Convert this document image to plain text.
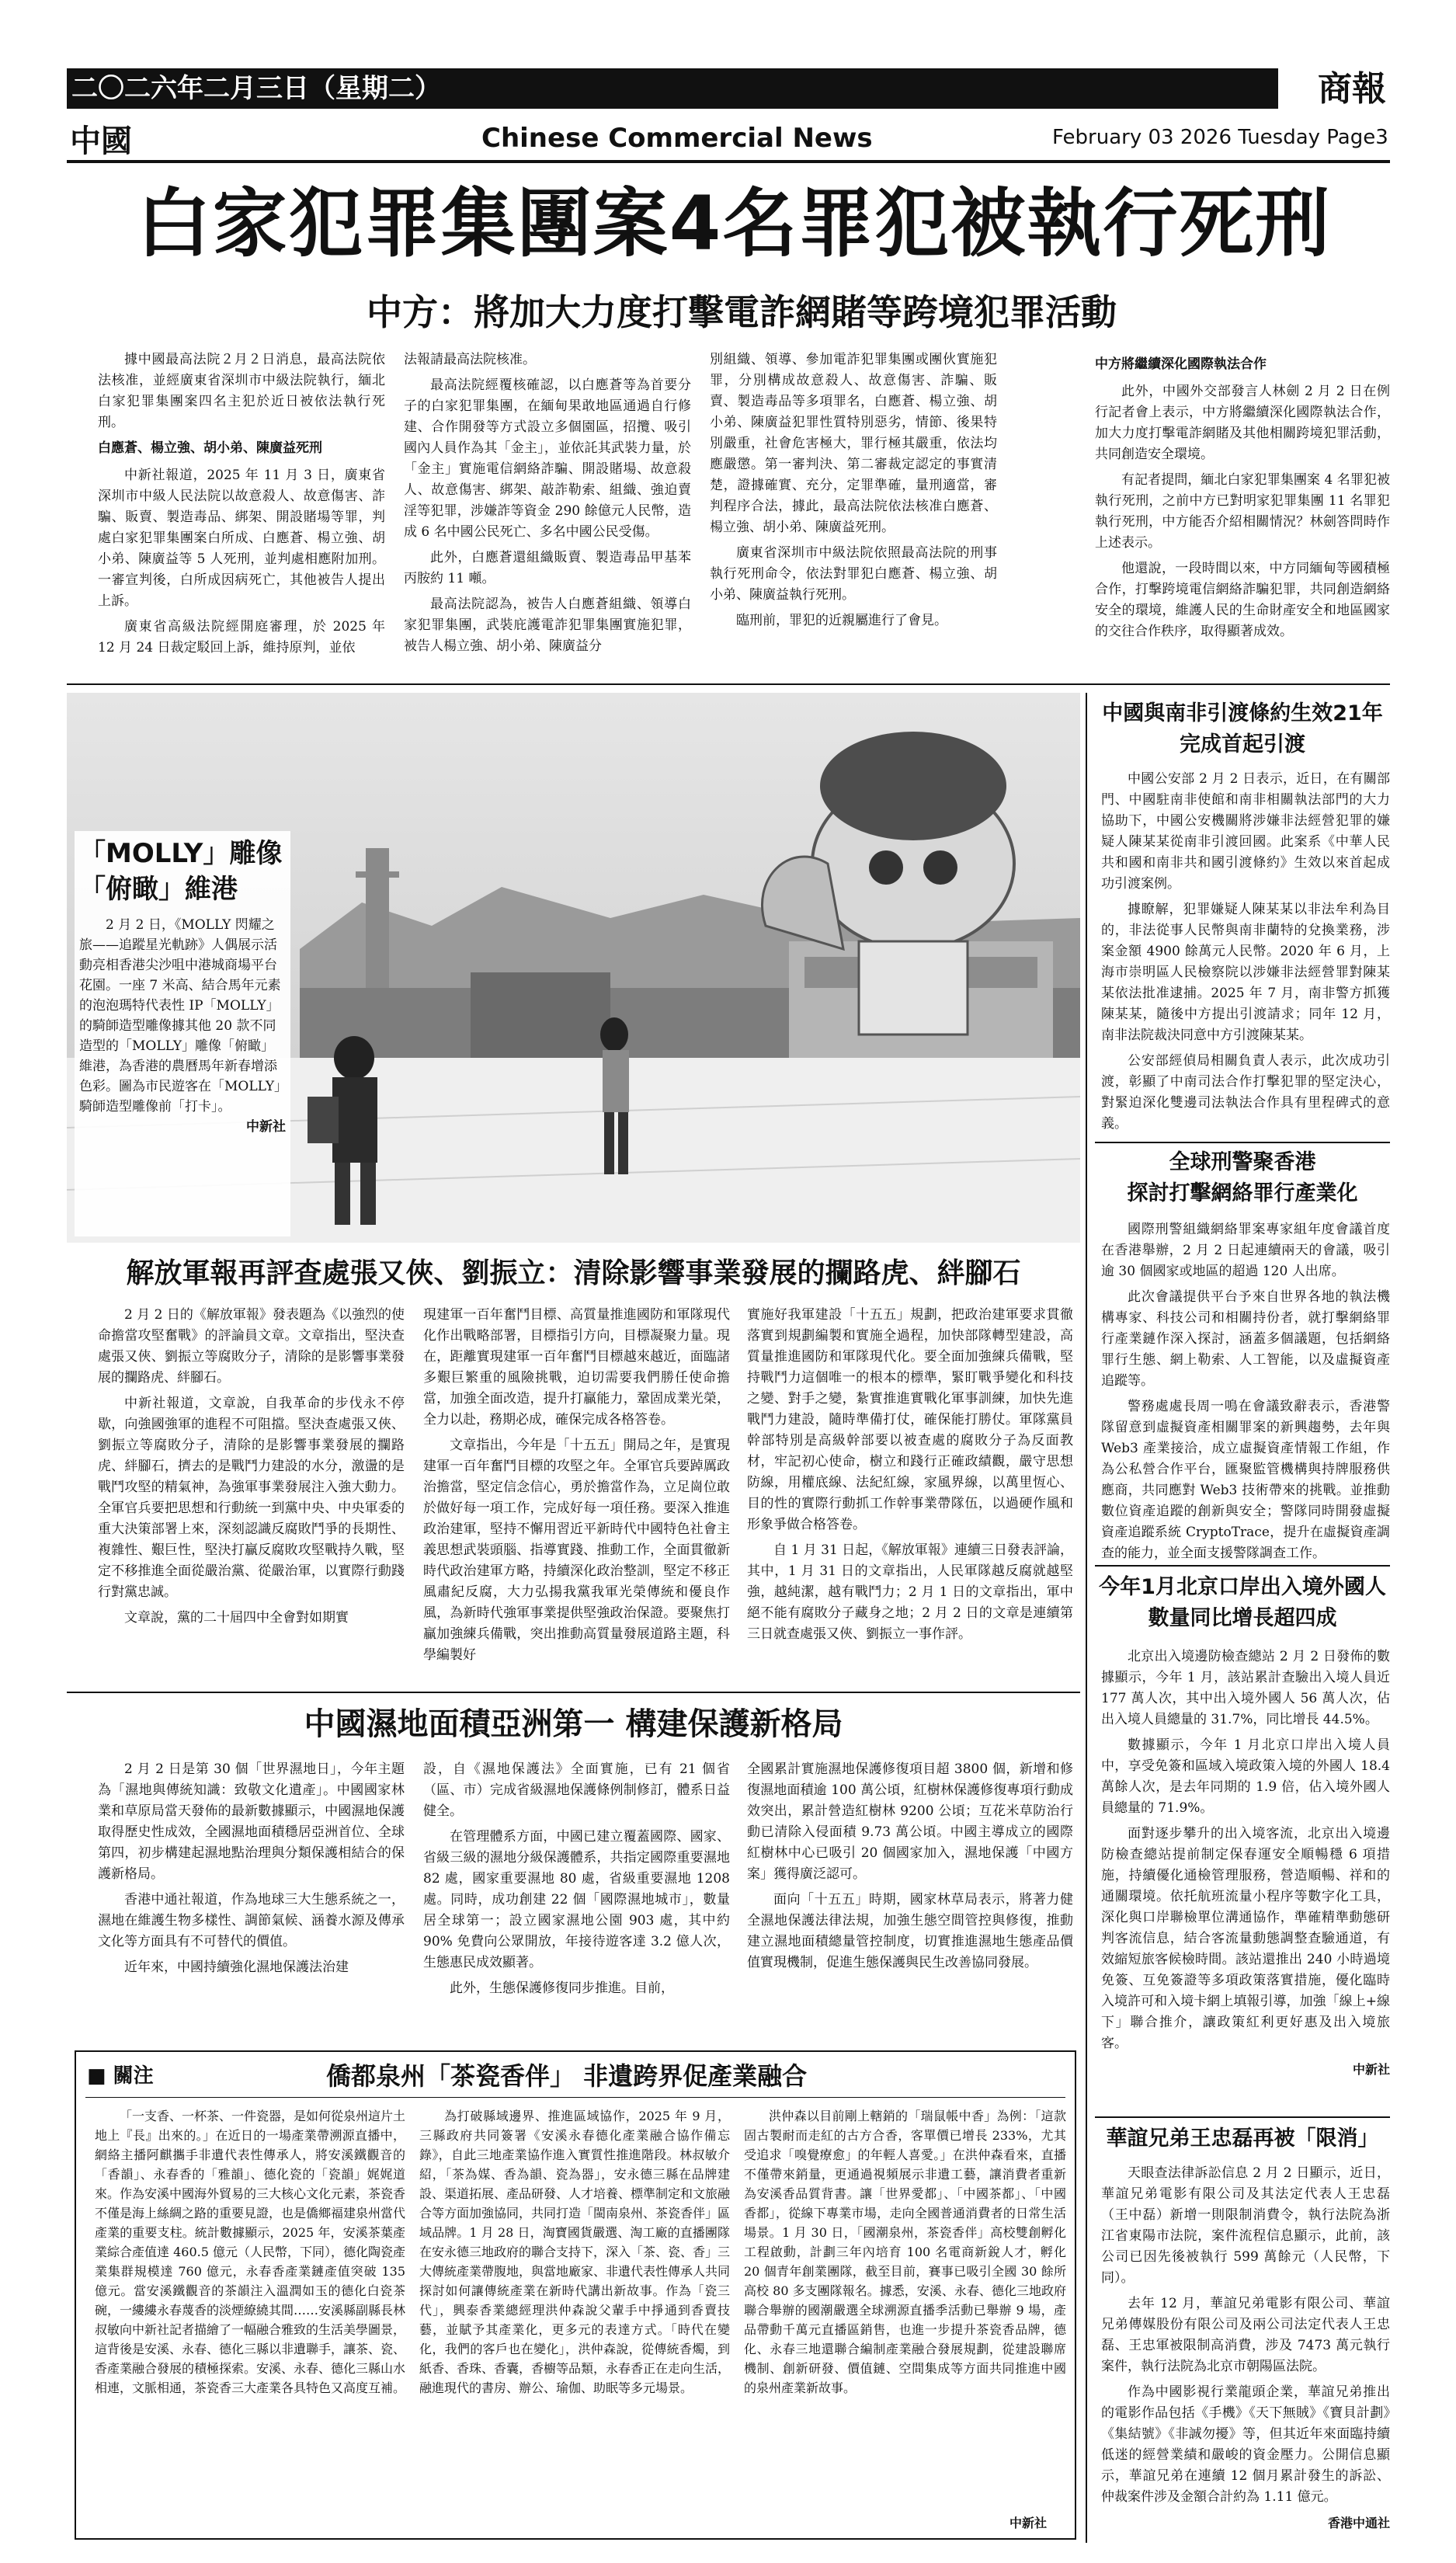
二〇二六年二月三日（星期二）	商報
中國	Chinese Commercial News	February 03 2026 Tuesday Page3
白家犯罪集團案4名罪犯被執行死刑
中方：將加大力度打擊電詐網賭等跨境犯罪活動

據中國最高法院２月２日消息，最高法院依法核准，並經廣東省深圳市中級法院執行，緬北白家犯罪集團案四名主犯於近日被依法執行死刑。

白應蒼、楊立強、胡小弟、陳廣益死刑

中新社報道，2025 年 11 月 3 日，廣東省深圳市中級人民法院以故意殺人、故意傷害、詐騙、販賣、製造毒品、綁架、開設賭場等罪，判處白家犯罪集團案白所成、白應蒼、楊立強、胡小弟、陳廣益等 5 人死刑，並判處相應附加刑。一審宣判後，白所成因病死亡，其他被告人提出上訴。

廣東省高級法院經開庭審理，於 2025 年 12 月 24 日裁定駁回上訴，維持原判，並依

法報請最高法院核准。

最高法院經覆核確認，以白應蒼等為首要分子的白家犯罪集團，在緬甸果敢地區通過自行修建、合作開發等方式設立多個園區，招攬、吸引國內人員作為其「金主」，並依託其武裝力量，於「金主」實施電信網絡詐騙、開設賭場、故意殺人、故意傷害、綁架、敲詐勒索、組織、強迫賣淫等犯罪，涉嫌詐等資金 290 餘億元人民幣，造成 6 名中國公民死亡、多名中國公民受傷。

此外，白應蒼還組織販賣、製造毒品甲基苯丙胺約 11 噸。

最高法院認為，被告人白應蒼組織、領導白家犯罪集團，武裝庇護電詐犯罪集團實施犯罪，被告人楊立強、胡小弟、陳廣益分

別組織、領導、參加電詐犯罪集團或團伙實施犯罪，分別構成故意殺人、故意傷害、詐騙、販賣、製造毒品等多項罪名，白應蒼、楊立強、胡小弟、陳廣益犯罪性質特別惡劣，情節、後果特別嚴重，社會危害極大，罪行極其嚴重，依法均應嚴懲。第一審判決、第二審裁定認定的事實清楚，證據確實、充分，定罪準確，量刑適當，審判程序合法，據此，最高法院依法核准白應蒼、楊立強、胡小弟、陳廣益死刑。

廣東省深圳市中級法院依照最高法院的刑事執行死刑命令，依法對罪犯白應蒼、楊立強、胡小弟、陳廣益執行死刑。

臨刑前，罪犯的近親屬進行了會見。

中方將繼續深化國際執法合作

此外，中國外交部發言人林劍 2 月 2 日在例行記者會上表示，中方將繼續深化國際執法合作，加大力度打擊電詐網賭及其他相關跨境犯罪活動，共同創造安全環境。

有記者提問，緬北白家犯罪集團案 4 名罪犯被執行死刑，之前中方已對明家犯罪集團 11 名罪犯執行死刑，中方能否介紹相關情況？林劍答問時作上述表示。

他還說，一段時間以來，中方同緬甸等國積極合作，打擊跨境電信網絡詐騙犯罪，共同創造網絡安全的環境，維護人民的生命財產安全和地區國家的交往合作秩序，取得顯著成效。

「MOLLY」雕像
「俯瞰」維港
2 月 2 日，《MOLLY 閃耀之旅——追蹤星光軌跡》人偶展示活動亮相香港尖沙咀中港城商場平台花園。一座 7 米高、結合馬年元素的泡泡瑪特代表性 IP「MOLLY」的騎師造型雕像據其他 20 款不同造型的「MOLLY」雕像「俯瞰」維港，為香港的農曆馬年新春增添色彩。圖為市民遊客在「MOLLY」騎師造型雕像前「打卡」。
中新社
中國與南非引渡條約生效21年
完成首起引渡

中國公安部 2 月 2 日表示，近日，在有關部門、中國駐南非使館和南非相關執法部門的大力協助下，中國公安機關將涉嫌非法經營犯罪的嫌疑人陳某某從南非引渡回國。此案系《中華人民共和國和南非共和國引渡條約》生效以來首起成功引渡案例。

據瞭解，犯罪嫌疑人陳某某以非法牟利為目的，非法從事人民幣與南非蘭特的兌換業務，涉案金額 4900 餘萬元人民幣。2020 年 6 月，上海市崇明區人民檢察院以涉嫌非法經營罪對陳某某依法批准逮捕。2025 年 7 月，南非警方抓獲陳某某，隨後中方提出引渡請求；同年 12 月，南非法院裁決同意中方引渡陳某某。

公安部經偵局相關負責人表示，此次成功引渡，彰顯了中南司法合作打擊犯罪的堅定決心，對緊迫深化雙邊司法執法合作具有里程碑式的意義。

全球刑警聚香港
探討打擊網絡罪行產業化

國際刑警組織網絡罪案專家組年度會議首度在香港舉辦，2 月 2 日起連續兩天的會議，吸引逾 30 個國家或地區的超過 120 人出席。

此次會議提供平台予來自世界各地的執法機構專家、科技公司和相關持份者，就打擊網絡罪行產業鏈作深入探討，涵蓋多個議題，包括網絡罪行生態、網上勒索、人工智能，以及虛擬資產追蹤等。

警務處處長周一鳴在會議致辭表示，香港警隊留意到虛擬資產相關罪案的新興趨勢，去年與 Web3 產業接洽，成立虛擬資產情報工作組，作為公私營合作平台，匯聚監管機構與持牌服務供應商，共同應對 Web3 技術帶來的挑戰。並推動數位資產追蹤的創新與安全；警隊同時開發虛擬資產追蹤系統 CryptoTrace，提升在虛擬資產調查的能力，並全面支援警隊調查工作。

今年1月北京口岸出入境外國人
數量同比增長超四成

北京出入境邊防檢查總站 2 月 2 日發佈的數據顯示，今年 1 月，該站累計查驗出入境人員近 177 萬人次，其中出入境外國人 56 萬人次，佔出入境人員總量的 31.7%，同比增長 44.5%。

數據顯示，今年 1 月北京口岸出入境人員中，享受免簽和區域入境政策入境的外國人 18.4 萬餘人次，是去年同期的 1.9 倍，佔入境外國人員總量的 71.9%。

面對逐步攀升的出入境客流，北京出入境邊防檢查總站提前制定保春運安全順暢穩 6 項措施，持續優化通檢管理服務，營造順暢、祥和的通關環境。依托航班流量小程序等數字化工具，深化與口岸聯檢單位溝通協作，準確精準動態研判客流信息，結合客流量動態調整查驗通道，有效縮短旅客候檢時間。該站還推出 240 小時過境免簽、互免簽證等多項政策落實措施，優化臨時入境許可和入境卡網上填報引導，加強「線上+線下」聯合推介，讓政策紅利更好惠及出入境旅客。

中新社
華誼兄弟王忠磊再被「限消」

天眼查法律訴訟信息 2 月 2 日顯示，近日，華誼兄弟電影有限公司及其法定代表人王忠磊（王中磊）新增一則限制消費令，執行法院為浙江省東陽市法院，案件流程信息顯示，此前，該公司已因先後被執行 599 萬餘元（人民幣，下同）。

去年 12 月，華誼兄弟電影有限公司、華誼兄弟傳媒股份有限公司及兩公司法定代表人王忠磊、王忠軍被限制高消費，涉及 7473 萬元執行案件，執行法院為北京市朝陽區法院。

作為中國影視行業龍頭企業，華誼兄弟推出的電影作品包括《手機》《天下無賊》《寶貝計劃》《集結號》《非誠勿擾》等，但其近年來面臨持續低迷的經營業績和嚴峻的資金壓力。公開信息顯示，華誼兄弟在連續 12 個月累計發生的訴訟、仲裁案件涉及金額合計約為 1.11 億元。

香港中通社
解放軍報再評查處張又俠、劉振立：清除影響事業發展的攔路虎、絆腳石

2 月 2 日的《解放軍報》發表題為《以強烈的使命擔當攻堅奮戰》的評論員文章。文章指出，堅決查處張又俠、劉振立等腐敗分子，清除的是影響事業發展的攔路虎、絆腳石。

中新社報道，文章說，自我革命的步伐永不停歇，向強國強軍的進程不可阻擋。堅決查處張又俠、劉振立等腐敗分子，清除的是影響事業發展的攔路虎、絆腳石，擠去的是戰鬥力建設的水分，激盪的是戰鬥攻堅的精氣神，為強軍事業發展注入強大動力。全軍官兵要把思想和行動統一到黨中央、中央軍委的重大決策部署上來，深刻認識反腐敗鬥爭的長期性、複雜性、艱巨性，堅決打贏反腐敗攻堅戰持久戰，堅定不移推進全面從嚴治黨、從嚴治軍，以實際行動踐行對黨忠誠。

文章說，黨的二十屆四中全會對如期實

現建軍一百年奮鬥目標、高質量推進國防和軍隊現代化作出戰略部署，目標指引方向，目標凝聚力量。現在，距離實現建軍一百年奮鬥目標越來越近，面臨諸多艱巨繁重的風險挑戰，迫切需要我們勝任使命擔當，加強全面改造，提升打贏能力，鞏固成業光榮，全力以赴，務期必成，確保完成各格答卷。

文章指出，今年是「十五五」開局之年，是實現建軍一百年奮鬥目標的攻堅之年。全軍官兵要踔厲政治擔當，堅定信念信心，勇於擔當作為，立足崗位敢於做好每一項工作，完成好每一項任務。要深入推進政治建軍，堅持不懈用習近平新時代中國特色社會主義思想武裝頭腦、指導實踐、推動工作，全面貫徹新時代政治建軍方略，持續深化政治整訓，堅定不移正風肅紀反腐，大力弘揚我黨我軍光榮傳統和優良作風，為新時代強軍事業提供堅強政治保證。要聚焦打贏加強練兵備戰，突出推動高質量發展道路主題，科學編製好

實施好我軍建設「十五五」規劃，把政治建軍要求貫徹落實到規劃編製和實施全過程，加快部隊轉型建設，高質量推進國防和軍隊現代化。要全面加強練兵備戰，堅持戰鬥力這個唯一的根本的標準，緊盯戰爭變化和科技之變、對手之變，紮實推進實戰化軍事訓練，加快先進戰鬥力建設，隨時準備打仗，確保能打勝仗。軍隊黨員幹部特別是高級幹部要以被查處的腐敗分子為反面教材，牢記初心使命，樹立和踐行正確政績觀，嚴守思想防線，用權底線、法紀紅線，家風界線，以萬里恆心、目的性的實際行動抓工作幹事業帶隊伍，以過硬作風和形象爭做合格答卷。

自 1 月 31 日起，《解放軍報》連續三日發表評論，其中，1 月 31 日的文章指出，人民軍隊越反腐就越堅強，越純潔，越有戰鬥力；2 月 1 日的文章指出，軍中絕不能有腐敗分子藏身之地；2 月 2 日的文章是連續第三日就查處張又俠、劉振立一事作評。

中國濕地面積亞洲第一 構建保護新格局

2 月 2 日是第 30 個「世界濕地日」，今年主題為「濕地與傳統知識：致敬文化遺產」。中國國家林業和草原局當天發佈的最新數據顯示，中國濕地保護取得歷史性成效，全國濕地面積穩居亞洲首位、全球第四，初步構建起濕地點治理與分類保護相結合的保護新格局。

香港中通社報道，作為地球三大生態系統之一，濕地在維護生物多樣性、調節氣候、涵養水源及傳承文化等方面具有不可替代的價值。

近年來，中國持續強化濕地保護法治建

設，自《濕地保護法》全面實施，已有 21 個省（區、市）完成省級濕地保護條例制修訂，體系日益健全。

在管理體系方面，中國已建立覆蓋國際、國家、省級三級的濕地分級保護體系，共指定國際重要濕地 82 處，國家重要濕地 80 處，省級重要濕地 1208 處。同時，成功創建 22 個「國際濕地城市」，數量居全球第一；設立國家濕地公園 903 處，其中約 90% 免費向公眾開放，年接待遊客達 3.2 億人次，生態惠民成效顯著。

此外，生態保護修復同步推進。目前，

全國累計實施濕地保護修復項目超 3800 個，新增和修復濕地面積逾 100 萬公頃，紅樹林保護修復專項行動成效突出，累計營造紅樹林 9200 公頃；互花米草防治行動已清除入侵面積 9.73 萬公頃。中國主導成立的國際紅樹林中心已吸引 20 個國家加入，濕地保護「中國方案」獲得廣泛認可。

面向「十五五」時期，國家林草局表示，將著力健全濕地保護法律法規，加強生態空間管控與修復，推動建立濕地面積總量管控制度，切實推進濕地生態產品價值實現機制，促進生態保護與民生改善協同發展。

■ 關注	僑都泉州「茶瓷香伴」 非遺跨界促產業融合

「一支香、一杯茶、一件瓷器，是如何從泉州這片土地上『長』出來的。」在近日的一場產業帶溯源直播中，網絡主播阿麒攜手非遺代表性傳承人，將安溪鐵觀音的「香韻」、永春香的「雅韻」、德化瓷的「瓷韻」娓娓道來。作為安溪中國海外貿易的三大核心文化元素，茶瓷香不僅是海上絲綢之路的重要見證，也是僑鄉福建泉州當代產業的重要支柱。統計數據顯示，2025 年，安溪茶葉產業綜合產值達 460.5 億元（人民幣，下同），德化陶瓷產業集群規模達 760 億元，永春香產業鏈產值突破 135 億元。當安溪鐵觀音的茶韻注入溫潤如玉的德化白瓷茶碗，一縷縷永春蔑香的淡煙繚繞其間……安溪縣副縣長林叔敏向中新社記者描繪了一幅融合雅致的生活美學圖景，這背後是安溪、永春、德化三縣以非遺聯手，讓茶、瓷、香產業融合發展的積極探索。安溪、永春、德化三縣山水相連，文脈相通，茶瓷香三大產業各具特色又高度互補。

為打破縣域邊界、推進區域協作，2025 年 9 月，三縣政府共同簽署《安溪永春德化產業融合協作備忘錄》，自此三地產業協作進入實質性推進階段。林叔敏介紹，「茶為媒、香為韻、瓷為器」，安永德三縣在品牌建設、渠道拓展、產品研發、人才培養、標準制定和文旅融合等方面加強協同，共同打造「閩南泉州、茶瓷香伴」區域品牌。1 月 28 日，淘寶國貨嚴選、淘工廠的直播團隊在安永德三地政府的聯合支持下，深入「茶、瓷、香」三大傳統產業帶腹地，與當地廠家、非遺代表性傳承人共同探討如何讓傳統產業在新時代講出新故事。作為「瓷三代」，興泰香業總經理洪仲森說父輩手中掙通到香賣技藝，並賦予其產業化，更多元的表達方式。「時代在變化，我們的客戶也在變化」，洪仲森說，從傳統香燭，到紙香、香珠、香囊，香櫥等品類，永春香正在走向生活，融進現代的書房、辦公、瑜伽、助眠等多元場景。

洪仲森以目前剛上轄銷的「瑞鼠帳中香」為例：「這款固古製耐而走紅的古方合香，客單價已增長 233%，尤其受追求「嗅覺療愈」的年輕人喜愛。」在洪仲森看來，直播不僅帶來銷量，更通過視頻展示非遺工藝，讓消費者重新為安溪香品質背書。讓「世界愛都」、「中國茶都」、「中國香都」，從線下專業市場，走向全國普通消費者的日常生活場景。1 月 30 日，「國潮泉州，茶瓷香伴」高校雙創孵化工程啟動，計劃三年內培育 100 名電商新銳人才，孵化 20 個青年創業團隊，截至目前，賽事已吸引全國 30 餘所高校 80 多支團隊報名。據悉，安溪、永春、德化三地政府聯合舉辦的國潮嚴選全球溯源直播季活動已舉辦 9 場，產品帶動千萬元直播區銷售，也進一步提升茶瓷香品牌，德化、永春三地還聯合編制產業融合發展規劃，從建設聯席機制、創新研發、價值鏈、空間集成等方面共同推進中國的泉州產業新故事。

中新社
